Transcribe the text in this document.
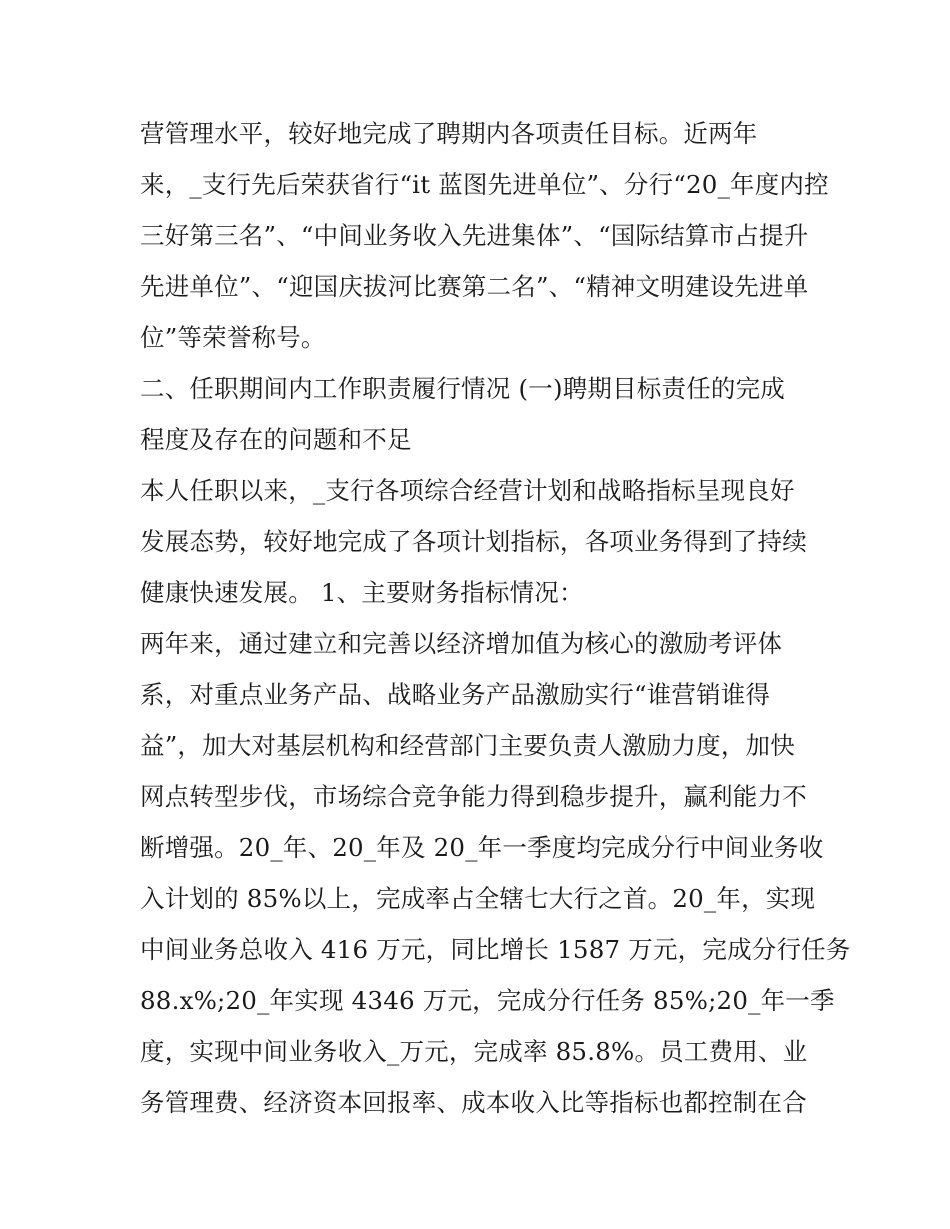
营管理水平，较好地完成了聘期内各项责任目标。近两年
来，_支行先后荣获省行“it 蓝图先进单位”、分行“20_年度内控
三好第三名”、“中间业务收入先进集体”、“国际结算市占提升
先进单位”、“迎国庆拔河比赛第二名”、“精神文明建设先进单
位”等荣誉称号。
二、任职期间内工作职责履行情况 (一)聘期目标责任的完成
程度及存在的问题和不足
本人任职以来，_支行各项综合经营计划和战略指标呈现良好
发展态势，较好地完成了各项计划指标，各项业务得到了持续
健康快速发展。 1、主要财务指标情况：
两年来，通过建立和完善以经济增加值为核心的激励考评体
系，对重点业务产品、战略业务产品激励实行“谁营销谁得
益”，加大对基层机构和经营部门主要负责人激励力度，加快
网点转型步伐，市场综合竞争能力得到稳步提升，赢利能力不
断增强。20_年、20_年及 20_年一季度均完成分行中间业务收
入计划的 85%以上，完成率占全辖七大行之首。20_年，实现
中间业务总收入 416 万元，同比增长 1587 万元，完成分行任务
88.x%;20_年实现 4346 万元，完成分行任务 85%;20_年一季
度，实现中间业务收入_万元，完成率 85.8%。员工费用、业
务管理费、经济资本回报率、成本收入比等指标也都控制在合
